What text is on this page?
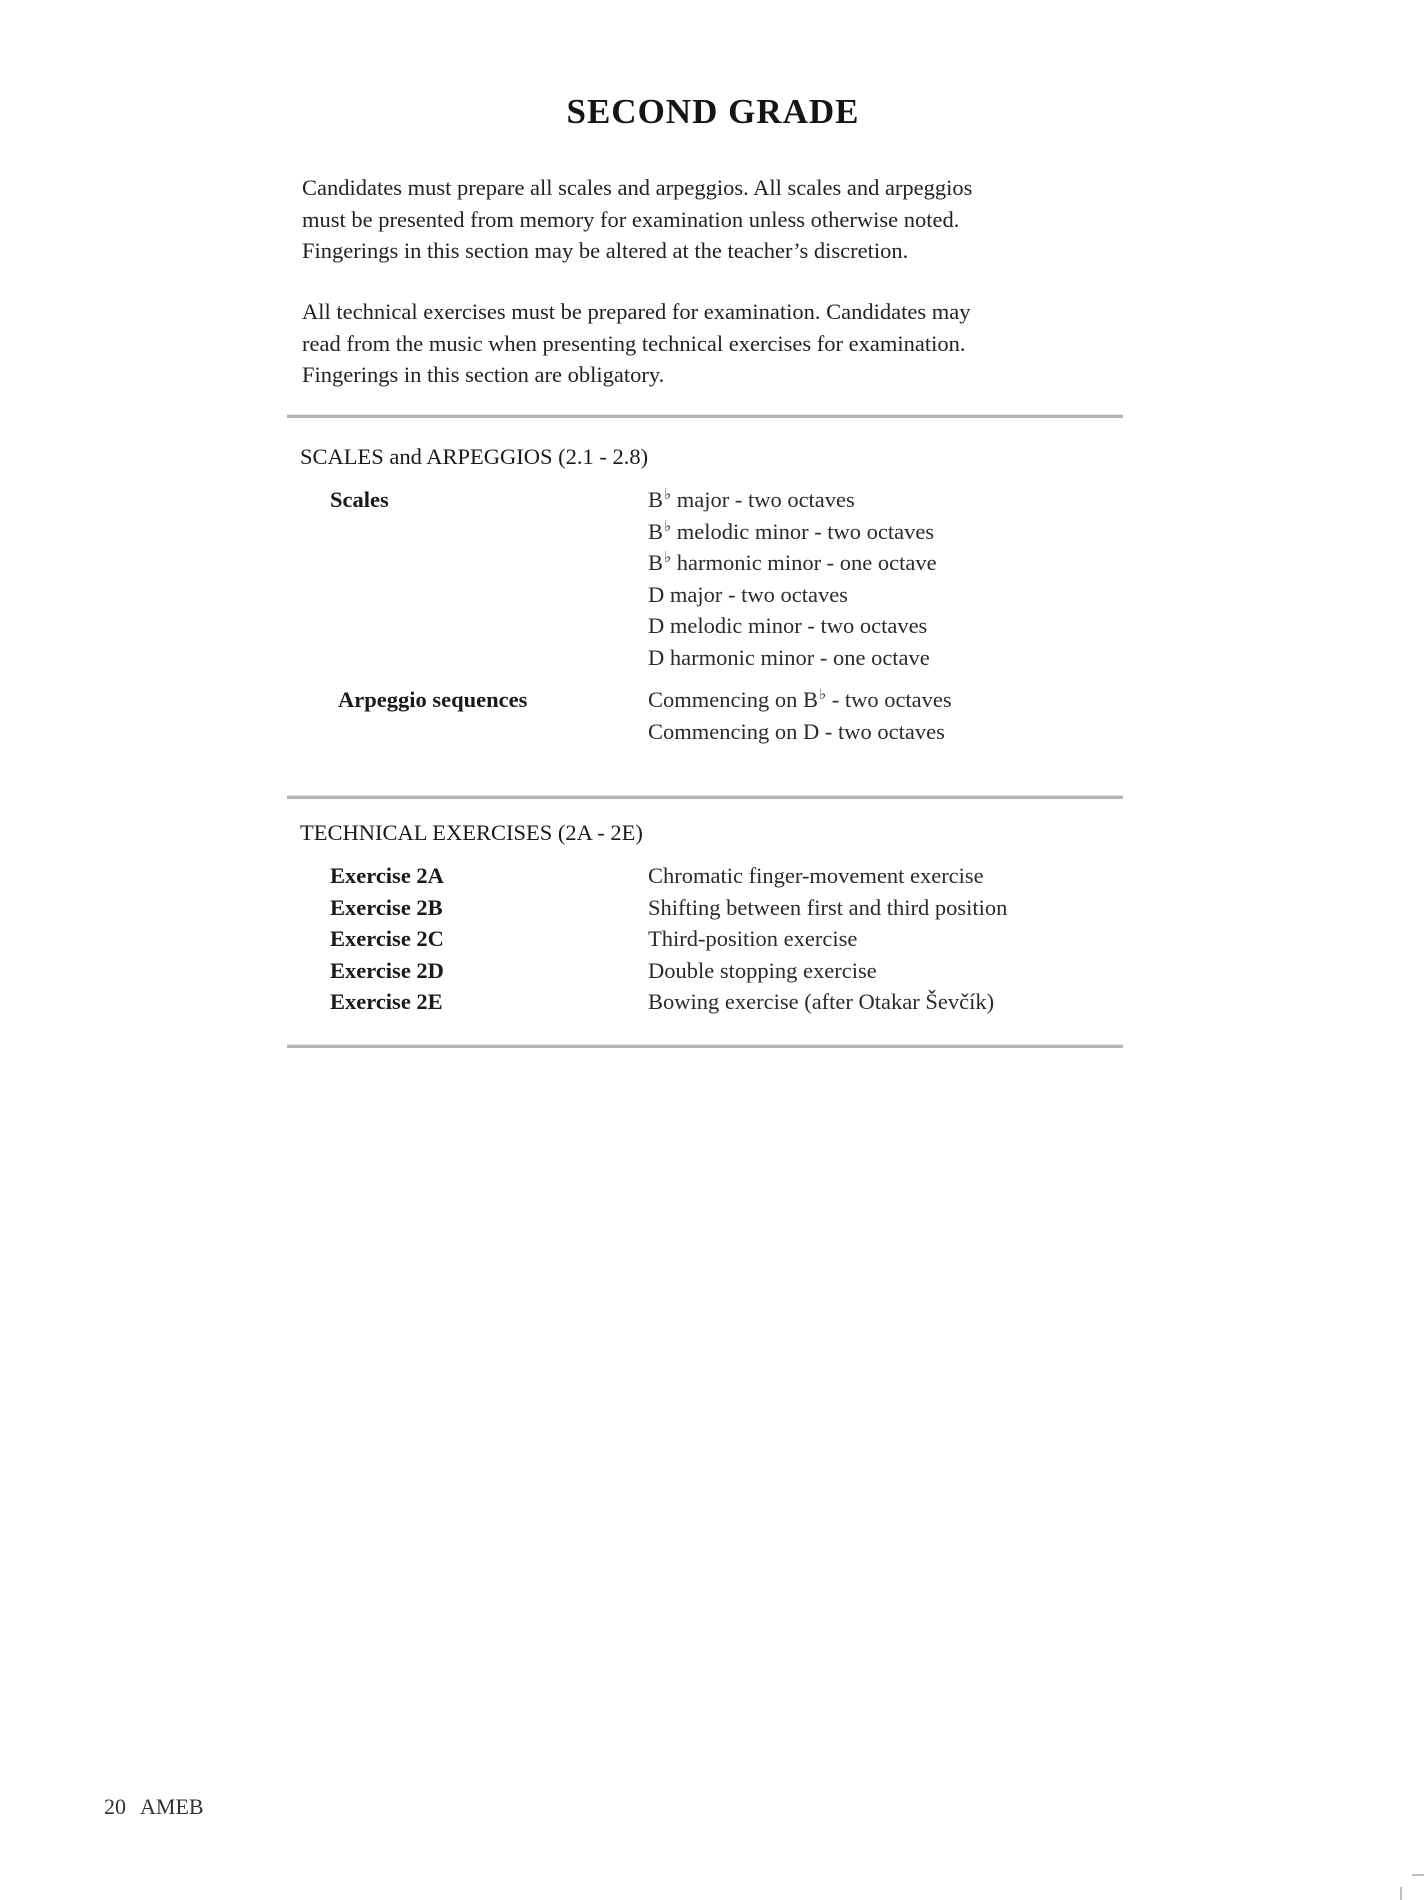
SECOND GRADE

Candidates must prepare all scales and arpeggios. All scales and arpeggios

must be presented from memory for examination unless otherwise noted.

Fingerings in this section may be altered at the teacher’s discretion.

All technical exercises must be prepared for examination. Candidates may

read from the music when presenting technical exercises for examination.

Fingerings in this section are obligatory.

SCALES and ARPEGGIOS (2.1 - 2.8)
Scales	B♭ major - two octaves
B♭ melodic minor - two octaves
B♭ harmonic minor - one octave
D major - two octaves
D melodic minor - two octaves
D harmonic minor - one octave
Arpeggio sequences	Commencing on B♭ - two octaves
Commencing on D - two octaves
TECHNICAL EXERCISES (2A - 2E)
Exercise 2A	Chromatic finger-movement exercise
Exercise 2B	Shifting between first and third position
Exercise 2C	Third-position exercise
Exercise 2D	Double stopping exercise
Exercise 2E	Bowing exercise (after Otakar Ševčík)
20 AMEB
